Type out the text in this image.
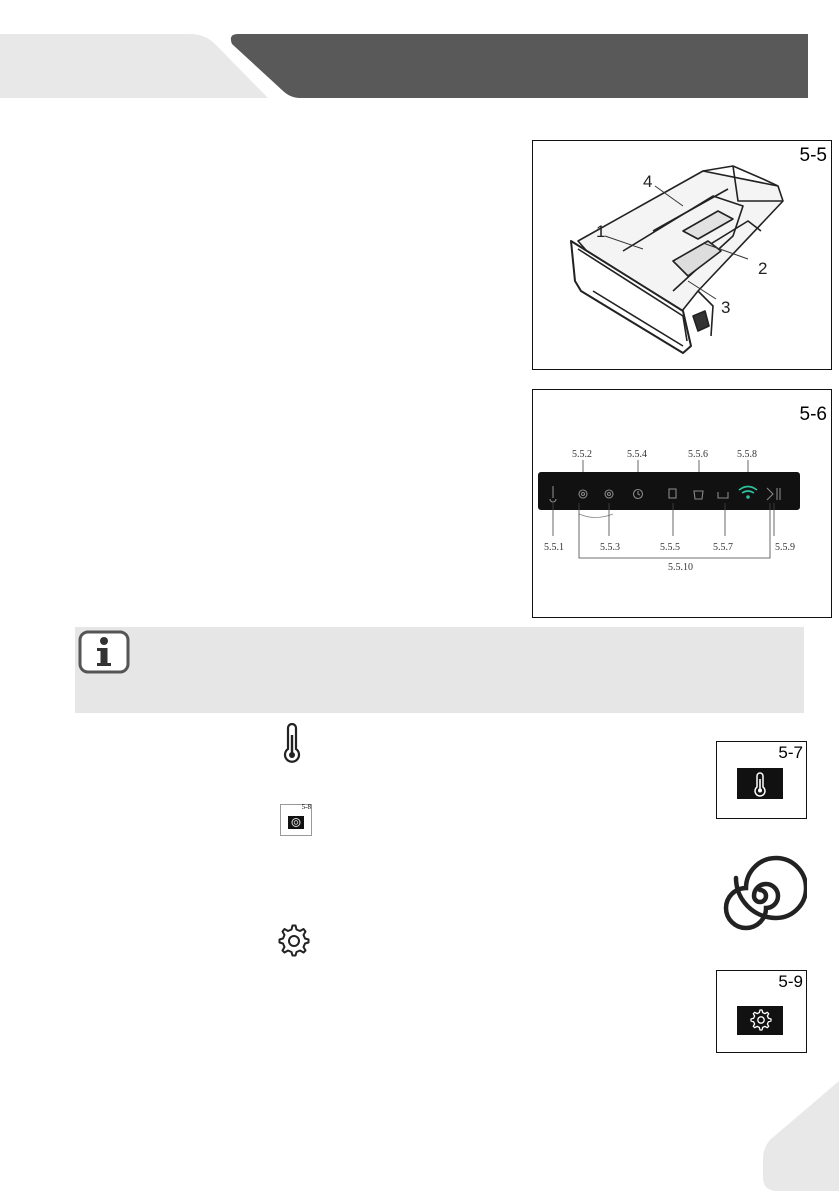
5-5
1
2
3
4
5-6
5.5.2	5.5.4	5.5.6	5.5.8
5.5.1	5.5.3	5.5.5	5.5.7	5.5.9
5.5.10
5-8
5-7
5-9
